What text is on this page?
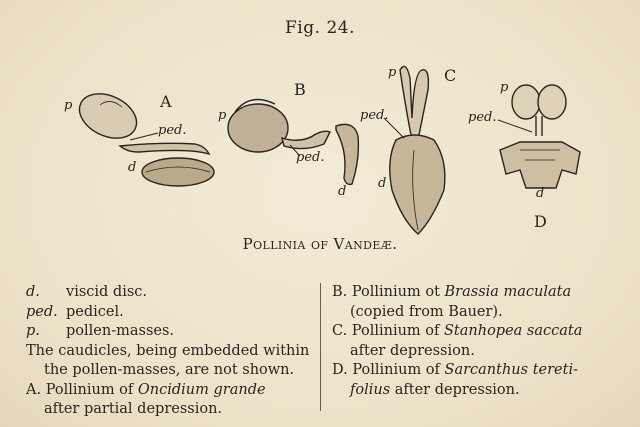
Fig. 24.
p	A
ped.
d
p
B
ped.
d
p	C
ped.
d
p
ped.
d
D
Pollinia of Vandeæ.
d. viscid disc.
ped. pedicel.
p. pollen-masses.
The caudicles, being embedded within
the pollen-masses, are not shown.
A. Pollinium of Oncidium grande
after partial depression.
B. Pollinium ot Brassia maculata
(copied from Bauer).
C. Pollinium of Stanhopea saccata
after depression.
D. Pollinium of Sarcanthus tereti-
folius after depression.
